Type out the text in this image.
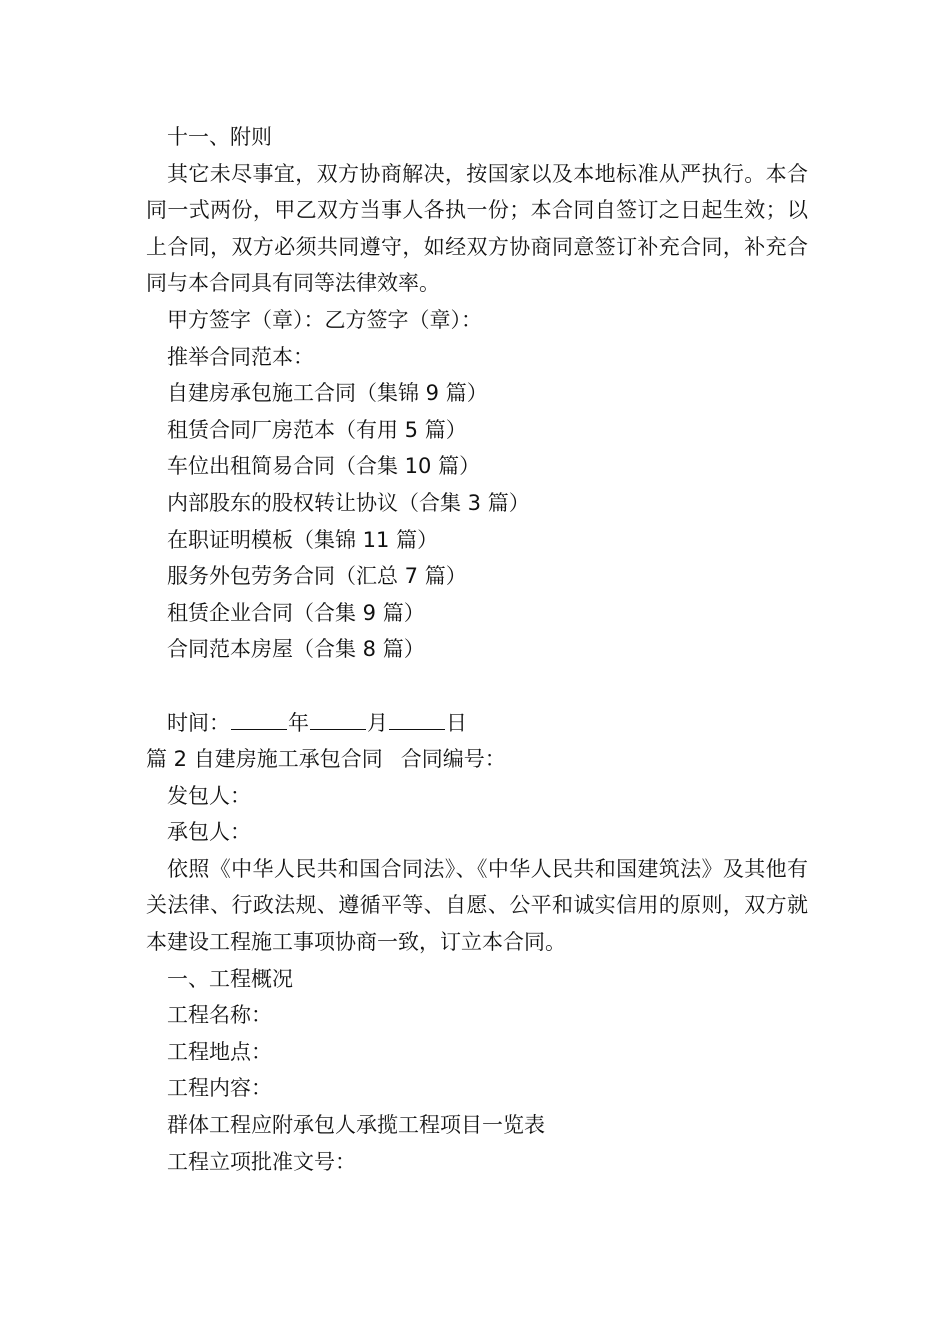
十一、附则
其它未尽事宜，双方协商解决，按国家以及本地标准从严执行。本合同一式两份，甲乙双方当事人各执一份；本合同自签订之日起生效；以上合同，双方必须共同遵守，如经双方协商同意签订补充合同，补充合同与本合同具有同等法律效率。
甲方签字（章）：乙方签字（章）：
推举合同范本：
自建房承包施工合同（集锦 9 篇）
租赁合同厂房范本（有用 5 篇）
车位出租简易合同（合集 10 篇）
内部股东的股权转让协议（合集 3 篇）
在职证明模板（集锦 11 篇）
服务外包劳务合同（汇总 7 篇）
租赁企业合同（合集 9 篇）
合同范本房屋（合集 8 篇）
时间：	年	月	日
篇 2 自建房施工承包合同 合同编号：
发包人：
承包人：
依照《中华人民共和国合同法》、《中华人民共和国建筑法》及其他有关法律、行政法规、遵循平等、自愿、公平和诚实信用的原则，双方就本建设工程施工事项协商一致，订立本合同。
一、工程概况
工程名称：
工程地点：
工程内容：
群体工程应附承包人承揽工程项目一览表
工程立项批准文号：
